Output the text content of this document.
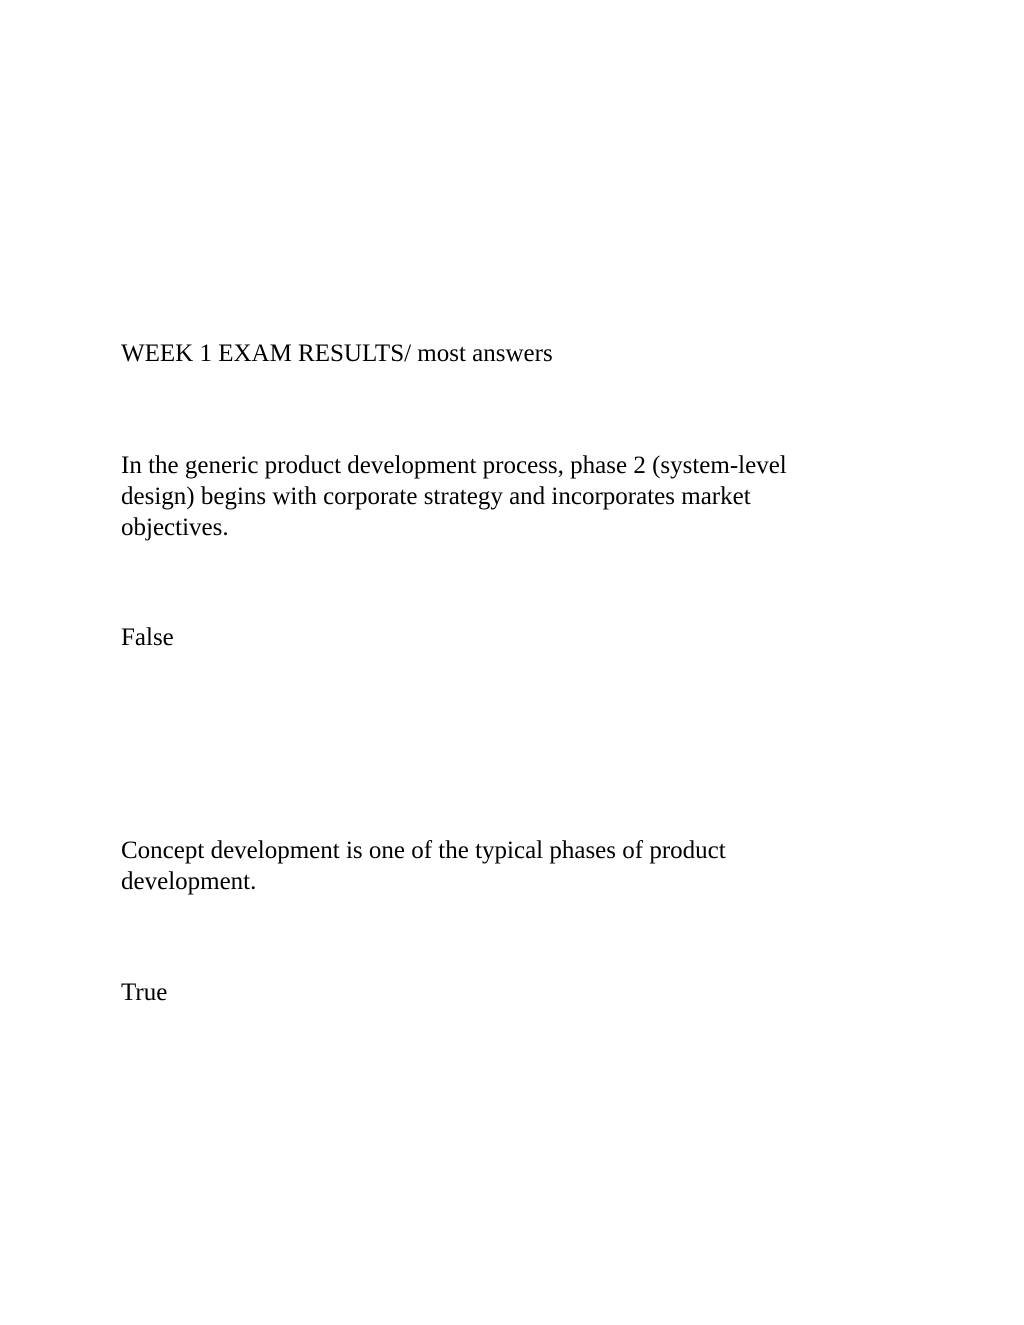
WEEK 1 EXAM RESULTS/ most answers
In the generic product development process, phase 2 (system-level design) begins with corporate strategy and incorporates market objectives.
False
Concept development is one of the typical phases of product development.
True
